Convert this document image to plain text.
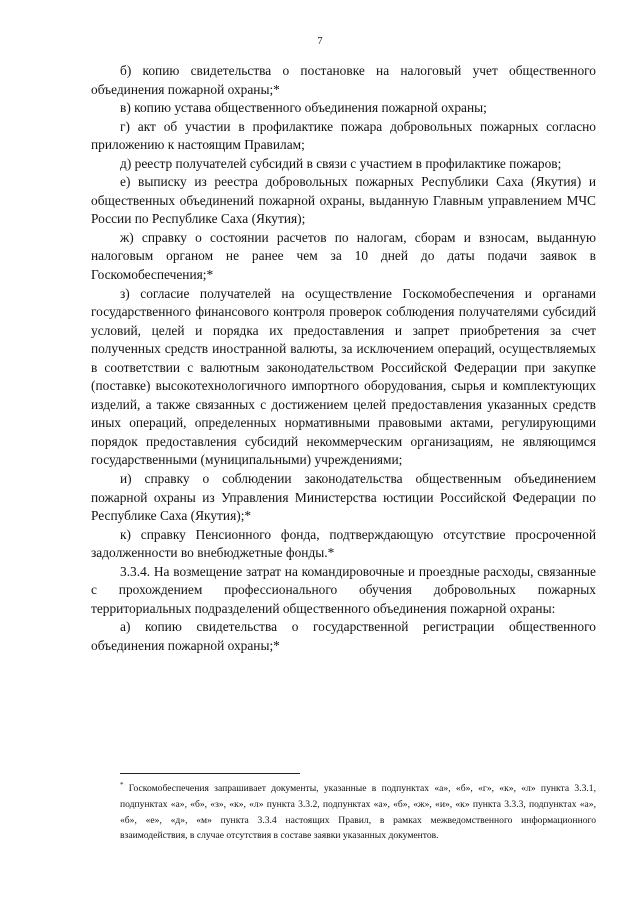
7

б) копию свидетельства о постановке на налоговый учет общественного объединения пожарной охраны;*

в) копию устава общественного объединения пожарной охраны;

г) акт об участии в профилактике пожара добровольных пожарных согласно приложению к настоящим Правилам;

д) реестр получателей субсидий в связи с участием в профилактике пожаров;

е) выписку из реестра добровольных пожарных Республики Саха (Якутия) и общественных объединений пожарной охраны, выданную Главным управлением МЧС России по Республике Саха (Якутия);

ж) справку о состоянии расчетов по налогам, сборам и взносам, выданную налоговым органом не ранее чем за 10 дней до даты подачи заявок в Госкомобеспечения;*

з) согласие получателей на осуществление Госкомобеспечения и органами государственного финансового контроля проверок соблюдения получателями субсидий условий, целей и порядка их предоставления и запрет приобретения за счет полученных средств иностранной валюты, за исключением операций, осуществляемых в соответствии с валютным законодательством Российской Федерации при закупке (поставке) высокотехнологичного импортного оборудования, сырья и комплектующих изделий, а также связанных с достижением целей предоставления указанных средств иных операций, определенных нормативными правовыми актами, регулирующими порядок предоставления субсидий некоммерческим организациям, не являющимся государственными (муниципальными) учреждениями;

и) справку о соблюдении законодательства общественным объединением пожарной охраны из Управления Министерства юстиции Российской Федерации по Республике Саха (Якутия);*

к) справку Пенсионного фонда, подтверждающую отсутствие просроченной задолженности во внебюджетные фонды.*

3.3.4. На возмещение затрат на командировочные и проездные расходы, связанные с прохождением профессионального обучения добровольных пожарных территориальных подразделений общественного объединения пожарной охраны:

а) копию свидетельства о государственной регистрации общественного объединения пожарной охраны;*

* Госкомобеспечения запрашивает документы, указанные в подпунктах «а», «б», «г», «к», «л» пункта 3.3.1, подпунктах «а», «б», «з», «к», «л» пункта 3.3.2, подпунктах «а», «б», «ж», «и», «к» пункта 3.3.3, подпунктах «а», «б», «е», «д», «м» пункта 3.3.4 настоящих Правил, в рамках межведомственного информационного взаимодействия, в случае отсутствия в составе заявки указанных документов.
